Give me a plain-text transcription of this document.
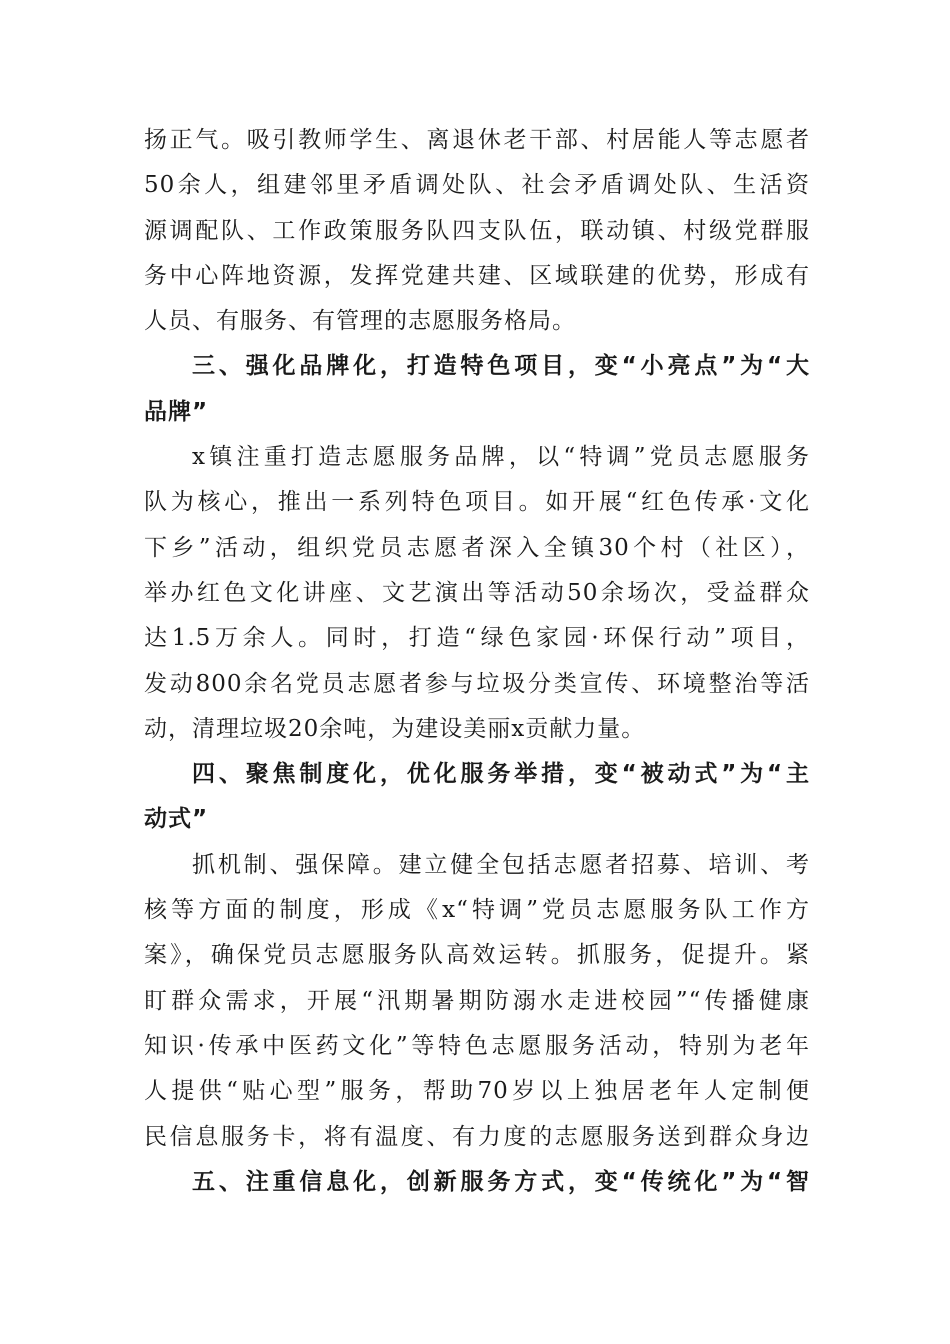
扬正气。吸引教师学生、离退休老干部、村居能人等志愿者
50余人，组建邻里矛盾调处队、社会矛盾调处队、生活资
源调配队、工作政策服务队四支队伍，联动镇、村级党群服
务中心阵地资源，发挥党建共建、区域联建的优势，形成有
人员、有服务、有管理的志愿服务格局。
三、强化品牌化，打造特色项目，变“小亮点”为“大
品牌”
x镇注重打造志愿服务品牌，以“特调”党员志愿服务
队为核心，推出一系列特色项目。如开展“红色传承·文化
下乡”活动，组织党员志愿者深入全镇30个村（社区），
举办红色文化讲座、文艺演出等活动50余场次，受益群众
达1.5万余人。同时，打造“绿色家园·环保行动”项目，
发动800余名党员志愿者参与垃圾分类宣传、环境整治等活
动，清理垃圾20余吨，为建设美丽x贡献力量。
四、聚焦制度化，优化服务举措，变“被动式”为“主
动式”
抓机制、强保障。建立健全包括志愿者招募、培训、考
核等方面的制度，形成《x“特调”党员志愿服务队工作方
案》，确保党员志愿服务队高效运转。抓服务，促提升。紧
盯群众需求，开展“汛期暑期防溺水走进校园”“传播健康
知识·传承中医药文化”等特色志愿服务活动，特别为老年
人提供“贴心型”服务，帮助70岁以上独居老年人定制便
民信息服务卡，将有温度、有力度的志愿服务送到群众身边
五、注重信息化，创新服务方式，变“传统化”为“智
